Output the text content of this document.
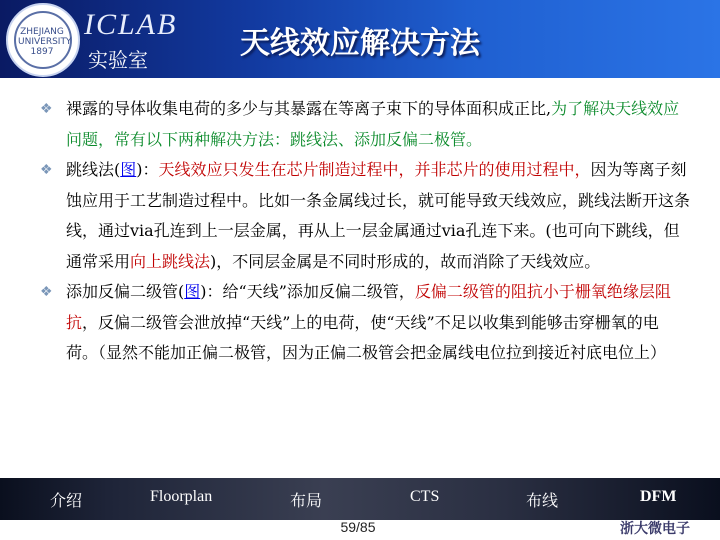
ZHEJIANG UNIVERSITY 1897
ICLAB
实验室	天线效应解决方法

❖ 裸露的导体收集电荷的多少与其暴露在等离子束下的导体面积成正比,为了解决天线效应问题，常有以下两种解决方法：跳线法、添加反偏二极管。

❖ 跳线法(图)：天线效应只发生在芯片制造过程中，并非芯片的使用过程中，因为等离子刻蚀应用于工艺制造过程中。比如一条金属线过长，就可能导致天线效应，跳线法断开这条线，通过via孔连到上一层金属，再从上一层金属通过via孔连下来。(也可向下跳线，但通常采用向上跳线法)，不同层金属是不同时形成的，故而消除了天线效应。

❖ 添加反偏二级管(图)：给“天线”添加反偏二级管，反偏二级管的阻抗小于栅氧绝缘层阻抗，反偏二级管会泄放掉“天线”上的电荷，使“天线”不足以收集到能够击穿栅氧的电荷。（显然不能加正偏二极管，因为正偏二极管会把金属线电位拉到接近衬底电位上）

介绍	Floorplan	布局	CTS	布线	DFM
59/85	浙大微电子
